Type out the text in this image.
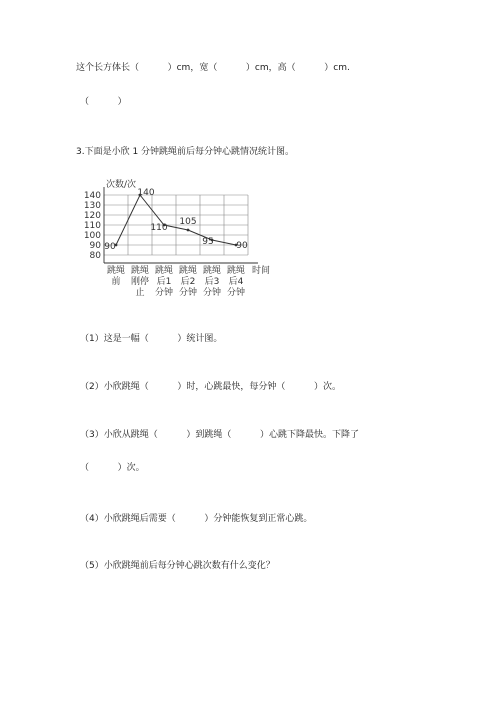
这个长方体长（          ）cm，宽（          ）cm，高（          ）cm.
（          ）
3.下面是小欣 1 分钟跳绳前后每分钟心跳情况统计图。
80
90
100
110
120
130
140
次数/次
时间
90
140
110
105
95	90
跳绳
前
跳绳
刚停
止
跳绳
后1
分钟
跳绳
后2
分钟
跳绳
后3
分钟
跳绳
后4
分钟
（1）这是一幅（          ）统计图。
（2）小欣跳绳（          ）时，心跳最快，每分钟（          ）次。
（3）小欣从跳绳（          ）到跳绳（          ）心跳下降最快。下降了
（          ）次。
（4）小欣跳绳后需要（          ）分钟能恢复到正常心跳。
（5）小欣跳绳前后每分钟心跳次数有什么变化？
